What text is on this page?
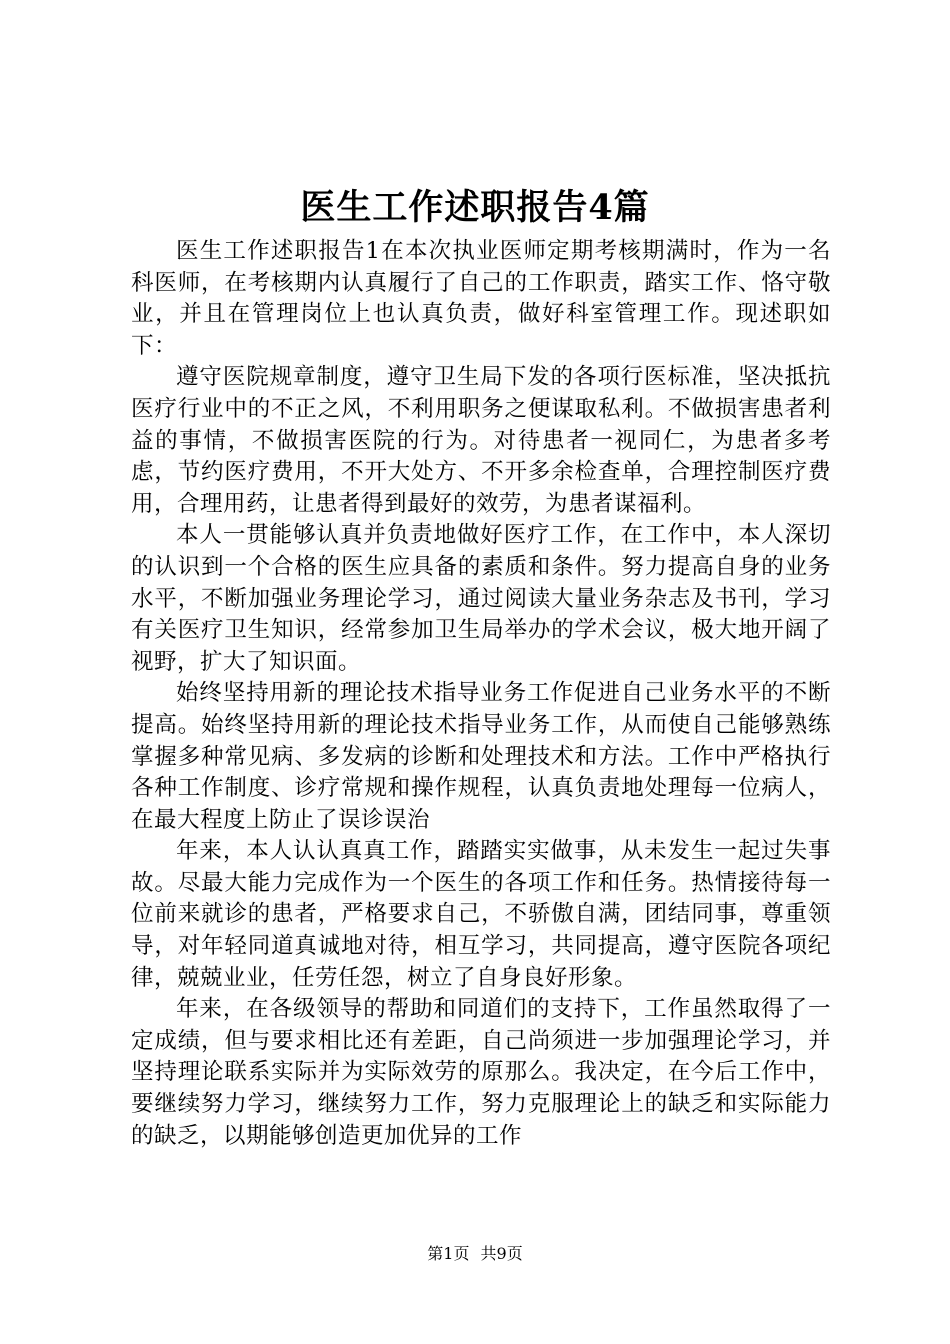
医生工作述职报告4篇

医生工作述职报告1在本次执业医师定期考核期满时，作为一名科医师，在考核期内认真履行了自己的工作职责，踏实工作、恪守敬业，并且在管理岗位上也认真负责，做好科室管理工作。现述职如下：

遵守医院规章制度，遵守卫生局下发的各项行医标准，坚决抵抗医疗行业中的不正之风，不利用职务之便谋取私利。不做损害患者利益的事情，不做损害医院的行为。对待患者一视同仁，为患者多考虑，节约医疗费用，不开大处方、不开多余检查单，合理控制医疗费用，合理用药，让患者得到最好的效劳，为患者谋福利。

本人一贯能够认真并负责地做好医疗工作，在工作中，本人深切的认识到一个合格的医生应具备的素质和条件。努力提高自身的业务水平，不断加强业务理论学习，通过阅读大量业务杂志及书刊，学习有关医疗卫生知识，经常参加卫生局举办的学术会议，极大地开阔了视野，扩大了知识面。

始终坚持用新的理论技术指导业务工作促进自己业务水平的不断提高。始终坚持用新的理论技术指导业务工作，从而使自己能够熟练掌握多种常见病、多发病的诊断和处理技术和方法。工作中严格执行各种工作制度、诊疗常规和操作规程，认真负责地处理每一位病人，在最大程度上防止了误诊误治

年来，本人认认真真工作，踏踏实实做事，从未发生一起过失事故。尽最大能力完成作为一个医生的各项工作和任务。热情接待每一位前来就诊的患者，严格要求自己，不骄傲自满，团结同事，尊重领导，对年轻同道真诚地对待，相互学习，共同提高，遵守医院各项纪律，兢兢业业，任劳任怨，树立了自身良好形象。

年来，在各级领导的帮助和同道们的支持下，工作虽然取得了一定成绩，但与要求相比还有差距，自己尚须进一步加强理论学习，并坚持理论联系实际并为实际效劳的原那么。我决定，在今后工作中，要继续努力学习，继续努力工作，努力克服理论上的缺乏和实际能力的缺乏，以期能够创造更加优异的工作

第1页 共9页
